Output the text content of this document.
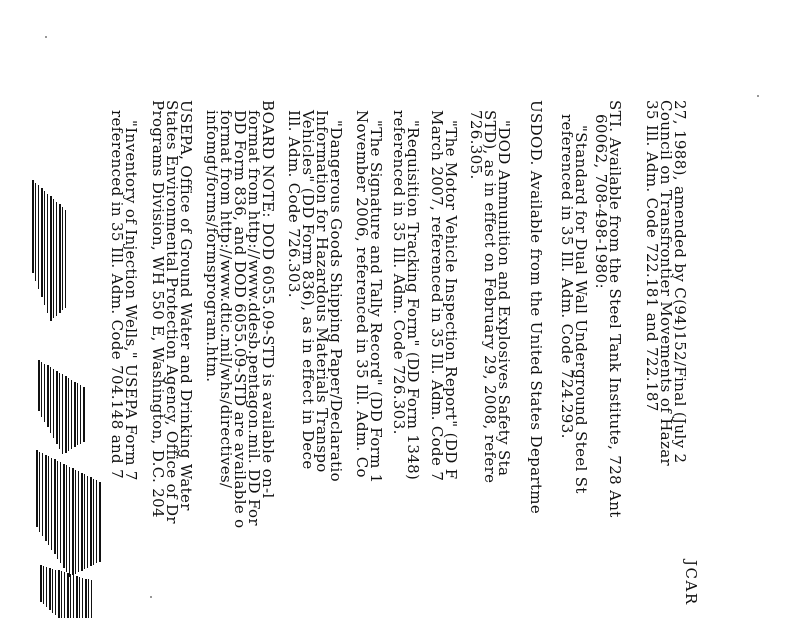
JCAR
27, 1988), amended by C(94)152/Final (July 2
Council on Transfrontier Movements of Hazar
35 Ill. Adm. Code 722.181 and 722.187
STI. Available from the Steel Tank Institute, 728 Ant
60062, 708-498-1980:
"Standard for Dual Wall Underground Steel St
referenced in 35 Ill. Adm. Code 724.293.
USDOD. Available from the United States Departme
"DOD Ammunition and Explosives Safety Sta
STD), as in effect on February 29, 2008, refere
726.305.
"The Motor Vehicle Inspection Report" (DD F
March 2007, referenced in 35 Ill. Adm. Code 7
"Requisition Tracking Form" (DD Form 1348)
referenced in 35 Ill. Adm. Code 726.303.
"The Signature and Tally Record" (DD Form 1
November 2006, referenced in 35 Ill. Adm. Co
"Dangerous Goods Shipping Paper/Declaratio
Information for Hazardous Materials Transpo
Vehicles" (DD Form 836), as in effect in Dece
Ill. Adm. Code 726.303.
BOARD NOTE: DOD 6055.09-STD is available on-l
format from http://www.ddesb.pentagon.mil. DD For
DD Form 836, and DOD 6055.09-STD are available o
format from http://www.dtic.mil/whs/directives/
infomgt/forms/formsprogram.htm.
USEPA, Office of Ground Water and Drinking Water
States Environmental Protection Agency, Office of Dr
Programs Division, WH 550 E, Washington, D.C. 204
"Inventory of Injection Wells," USEPA Form 7
referenced in 35 Ill. Adm. Code 704.148 and 7
